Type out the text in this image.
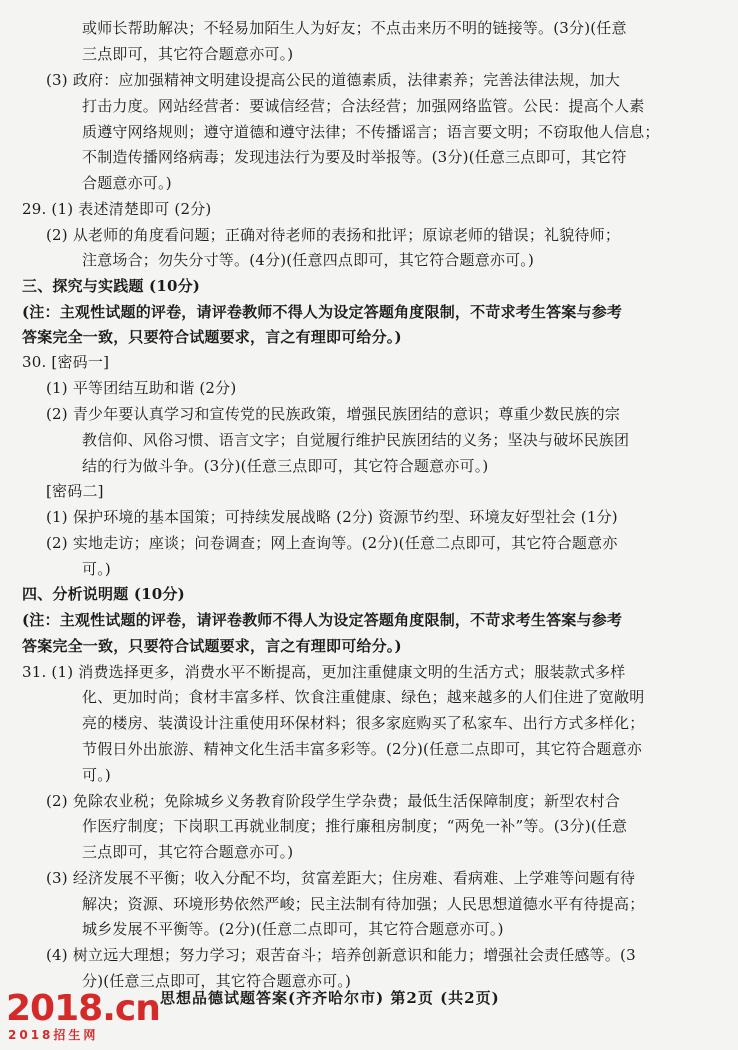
或师长帮助解决；不轻易加陌生人为好友；不点击来历不明的链接等。(3分)(任意
三点即可，其它符合题意亦可。)
(3) 政府：应加强精神文明建设提高公民的道德素质，法律素养；完善法律法规，加大
打击力度。网站经营者：要诚信经营；合法经营；加强网络监管。公民：提高个人素
质遵守网络规则；遵守道德和遵守法律；不传播谣言；语言要文明；不窃取他人信息；
不制造传播网络病毒；发现违法行为要及时举报等。(3分)(任意三点即可，其它符
合题意亦可。)
29. (1) 表述清楚即可 (2分)
(2) 从老师的角度看问题；正确对待老师的表扬和批评；原谅老师的错误；礼貌待师；
注意场合；勿失分寸等。(4分)(任意四点即可，其它符合题意亦可。)
三、探究与实践题 (10分)
(注：主观性试题的评卷，请评卷教师不得人为设定答题角度限制，不苛求考生答案与参考
答案完全一致，只要符合试题要求，言之有理即可给分。)
30. [密码一]
(1) 平等团结互助和谐 (2分)
(2) 青少年要认真学习和宣传党的民族政策，增强民族团结的意识；尊重少数民族的宗
教信仰、风俗习惯、语言文字；自觉履行维护民族团结的义务；坚决与破坏民族团
结的行为做斗争。(3分)(任意三点即可，其它符合题意亦可。)
[密码二]
(1) 保护环境的基本国策；可持续发展战略 (2分) 资源节约型、环境友好型社会 (1分)
(2) 实地走访；座谈；问卷调查；网上查询等。(2分)(任意二点即可，其它符合题意亦
可。)
四、分析说明题 (10分)
(注：主观性试题的评卷，请评卷教师不得人为设定答题角度限制，不苛求考生答案与参考
答案完全一致，只要符合试题要求，言之有理即可给分。)
31. (1) 消费选择更多，消费水平不断提高，更加注重健康文明的生活方式；服装款式多样
化、更加时尚；食材丰富多样、饮食注重健康、绿色；越来越多的人们住进了宽敞明
亮的楼房、装潢设计注重使用环保材料；很多家庭购买了私家车、出行方式多样化；
节假日外出旅游、精神文化生活丰富多彩等。(2分)(任意二点即可，其它符合题意亦
可。)
(2) 免除农业税；免除城乡义务教育阶段学生学杂费；最低生活保障制度；新型农村合
作医疗制度；下岗职工再就业制度；推行廉租房制度；“两免一补”等。(3分)(任意
三点即可，其它符合题意亦可。)
(3) 经济发展不平衡；收入分配不均，贫富差距大；住房难、看病难、上学难等问题有待
解决；资源、环境形势依然严峻；民主法制有待加强；人民思想道德水平有待提高；
城乡发展不平衡等。(2分)(任意二点即可，其它符合题意亦可。)
(4) 树立远大理想；努力学习；艰苦奋斗；培养创新意识和能力；增强社会责任感等。(3
分)(任意三点即可，其它符合题意亦可。)
思想品德试题答案(齐齐哈尔市) 第2页 (共2页)
2018.cn
2018招生网
